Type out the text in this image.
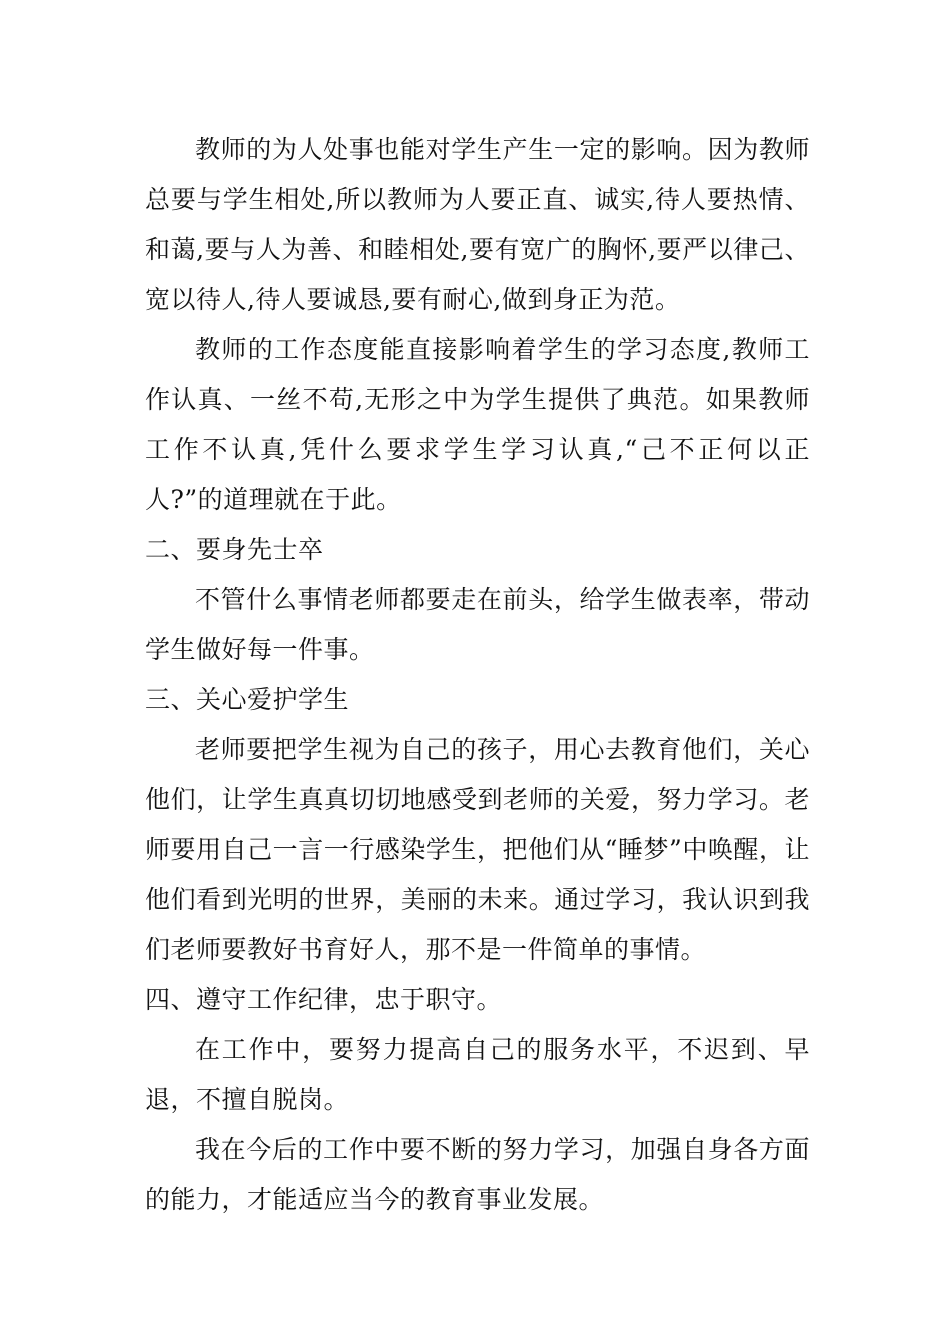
教师的为人处事也能对学生产生一定的影响。因为教师总要与学生相处,所以教师为人要正直、诚实,待人要热情、和蔼,要与人为善、和睦相处,要有宽广的胸怀,要严以律己、宽以待人,待人要诚恳,要有耐心,做到身正为范。

教师的工作态度能直接影响着学生的学习态度,教师工作认真、一丝不苟,无形之中为学生提供了典范。如果教师工作不认真,凭什么要求学生学习认真,“己不正何以正人?”的道理就在于此。

二、要身先士卒

不管什么事情老师都要走在前头，给学生做表率，带动学生做好每一件事。

三、关心爱护学生

老师要把学生视为自己的孩子，用心去教育他们，关心他们，让学生真真切切地感受到老师的关爱，努力学习。老师要用自己一言一行感染学生，把他们从“睡梦”中唤醒，让他们看到光明的世界，美丽的未来。通过学习，我认识到我们老师要教好书育好人，那不是一件简单的事情。

四、遵守工作纪律，忠于职守。

在工作中，要努力提高自己的服务水平，不迟到、早退，不擅自脱岗。

我在今后的工作中要不断的努力学习，加强自身各方面的能力，才能适应当今的教育事业发展。
